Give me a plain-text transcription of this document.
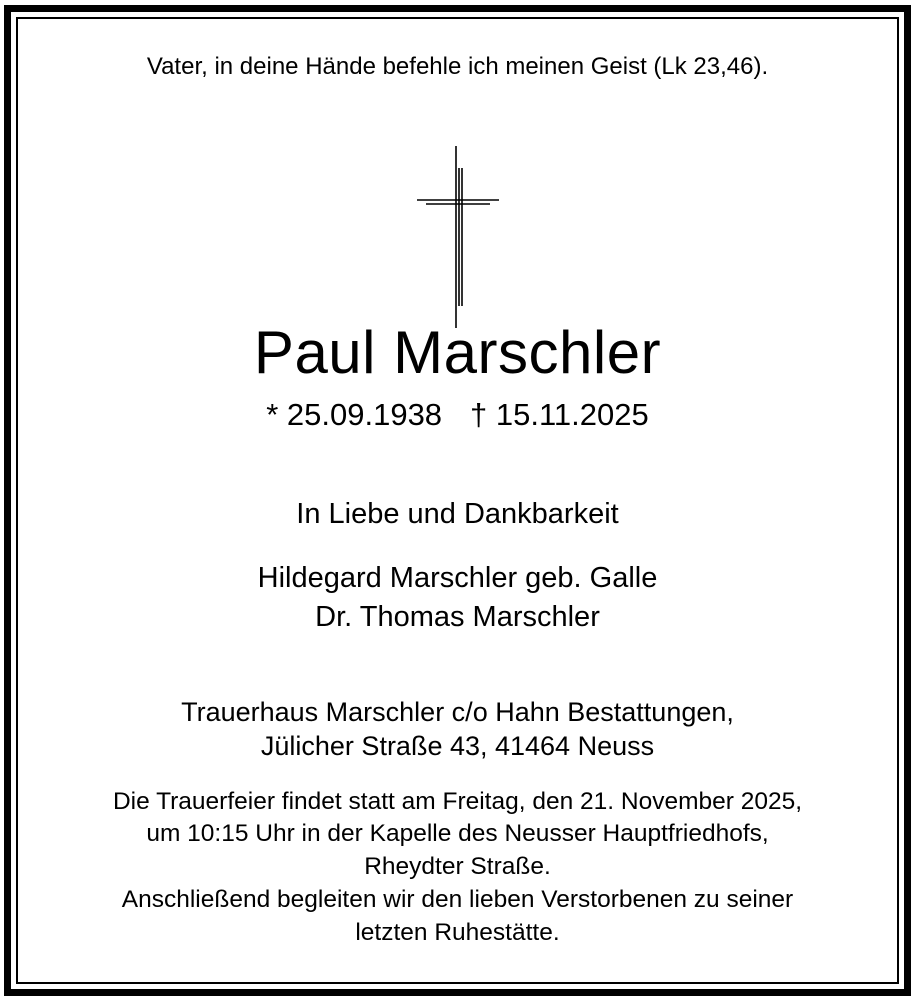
Vater, in deine Hände befehle ich meinen Geist (Lk 23,46).
Paul Marschler
* 25.09.1938 † 15.11.2025
In Liebe und Dankbarkeit
Hildegard Marschler geb. Galle
Dr. Thomas Marschler
Trauerhaus Marschler c/o Hahn Bestattungen,
Jülicher Straße 43, 41464 Neuss
Die Trauerfeier findet statt am Freitag, den 21. November 2025,
um 10:15 Uhr in der Kapelle des Neusser Hauptfriedhofs,
Rheydter Straße.
Anschließend begleiten wir den lieben Verstorbenen zu seiner
letzten Ruhestätte.
